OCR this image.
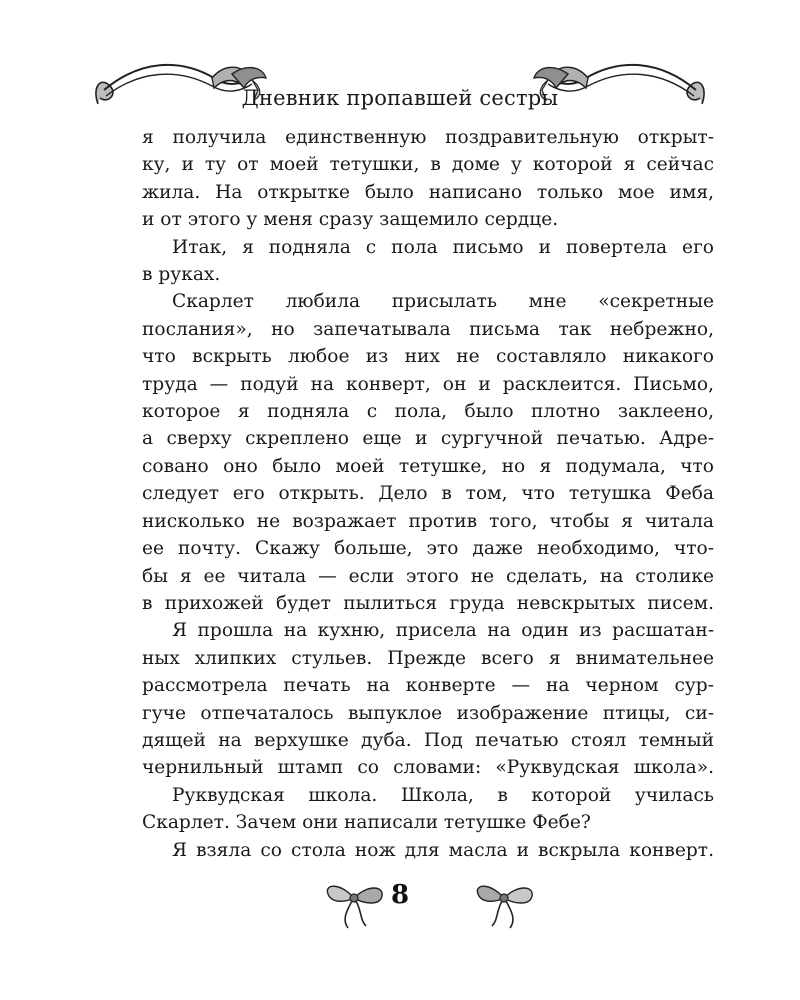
Дневник пропавшей сестры

я получила единственную поздравительную открыт-

ку, и ту от моей тетушки, в доме у которой я сейчас

жила. На открытке было написано только мое имя,

и от этого у меня сразу защемило сердце.

Итак, я подняла с пола письмо и повертела его

в руках.

Скарлет любила присылать мне «секретные

послания», но запечатывала письма так небрежно,

что вскрыть любое из них не составляло никакого

труда — подуй на конверт, он и расклеится. Письмо,

которое я подняла с пола, было плотно заклеено,

а сверху скреплено еще и сургучной печатью. Адре-

совано оно было моей тетушке, но я подумала, что

следует его открыть. Дело в том, что тетушка Феба

нисколько не возражает против того, чтобы я читала

ее почту. Скажу больше, это даже необходимо, что-

бы я ее читала — если этого не сделать, на столике

в прихожей будет пылиться груда невскрытых писем.

Я прошла на кухню, присела на один из расшатан-

ных хлипких стульев. Прежде всего я внимательнее

рассмотрела печать на конверте — на черном сур-

гуче отпечаталось выпуклое изображение птицы, си-

дящей на верхушке дуба. Под печатью стоял темный

чернильный штамп со словами: «Руквудская школа».

Руквудская школа. Школа, в которой училась

Скарлет. Зачем они написали тетушке Фебе?

Я взяла со стола нож для масла и вскрыла конверт.

8
